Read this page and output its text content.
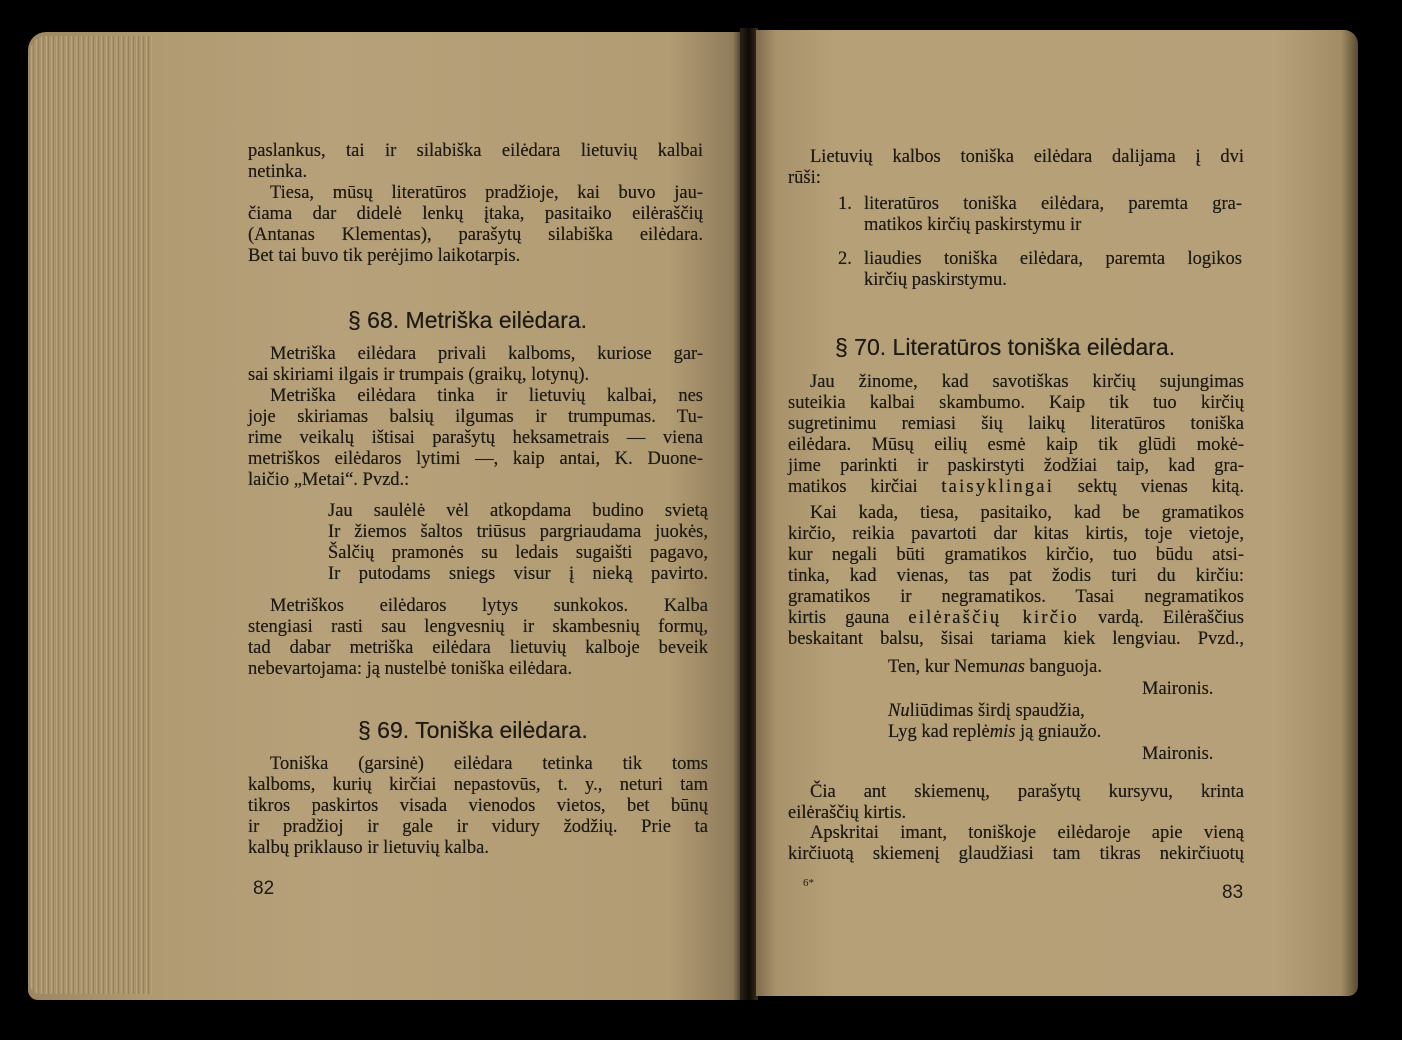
§ 68. Metriška eilėdara.
§ 69. Toniška eilėdara.
82
§ 70. Literatūros toniška eilėdara.
1.
2.
6*	83
paslankus, tai ir silabiška eilėdara lietuvių kalbai
netinka.
Tiesa, mūsų literatūros pradžioje, kai buvo jau-
čiama dar didelė lenkų įtaka, pasitaiko eilėraščių
(Antanas Klementas), parašytų silabiška eilėdara.
Bet tai buvo tik perėjimo laikotarpis.
Metriška eilėdara privali kalboms, kuriose gar-
sai skiriami ilgais ir trumpais (graikų, lotynų).
Metriška eilėdara tinka ir lietuvių kalbai, nes
joje skiriamas balsių ilgumas ir trumpumas. Tu-
rime veikalų ištisai parašytų heksametrais — viena
metriškos eilėdaros lytimi —, kaip antai, K. Duone-
laičio „Metai“. Pvzd.:
Jau saulėlė vėl atkopdama budino svietą
Ir žiemos šaltos triūsus pargriaudama juokės,
Šalčių pramonės su ledais sugaišti pagavo,
Ir putodams sniegs visur į nieką pavirto.
Metriškos eilėdaros lytys sunkokos. Kalba
stengiasi rasti sau lengvesnių ir skambesnių formų,
tad dabar metriška eilėdara lietuvių kalboje beveik
nebevartojama: ją nustelbė toniška eilėdara.
Toniška (garsinė) eilėdara tetinka tik toms
kalboms, kurių kirčiai nepastovūs, t. y., neturi tam
tikros paskirtos visada vienodos vietos, bet būnų
ir pradžioj ir gale ir vidury žodžių. Prie ta
kalbų priklauso ir lietuvių kalba.
Lietuvių kalbos toniška eilėdara dalijama į dvi
rūši:
literatūros toniška eilėdara, paremta gra-
matikos kirčių paskirstymu ir
liaudies toniška eilėdara, paremta logikos
kirčių paskirstymu.
Jau žinome, kad savotiškas kirčių sujungimas
suteikia kalbai skambumo. Kaip tik tuo kirčių
sugretinimu remiasi šių laikų literatūros toniška
eilėdara. Mūsų eilių esmė kaip tik glūdi mokė-
jime parinkti ir paskirstyti žodžiai taip, kad gra-
matikos kirčiai taisyklingai sektų vienas kitą.
Kai kada, tiesa, pasitaiko, kad be gramatikos
kirčio, reikia pavartoti dar kitas kirtis, toje vietoje,
kur negali būti gramatikos kirčio, tuo būdu atsi-
tinka, kad vienas, tas pat žodis turi du kirčiu:
gramatikos ir negramatikos. Tasai negramatikos
kirtis gauna eilėraščių kirčio vardą. Eilėraščius
beskaitant balsu, šisai tariama kiek lengviau. Pvzd.,
Ten, kur Nemunas banguoja.
Maironis.
Nuliūdimas širdį spaudžia,
Lyg kad replėmis ją gniaužo.
Maironis.
Čia ant skiemenų, parašytų kursyvu, krinta
eilėraščių kirtis.
Apskritai imant, toniškoje eilėdaroje apie vieną
kirčiuotą skiemenį glaudžiasi tam tikras nekirčiuotų
